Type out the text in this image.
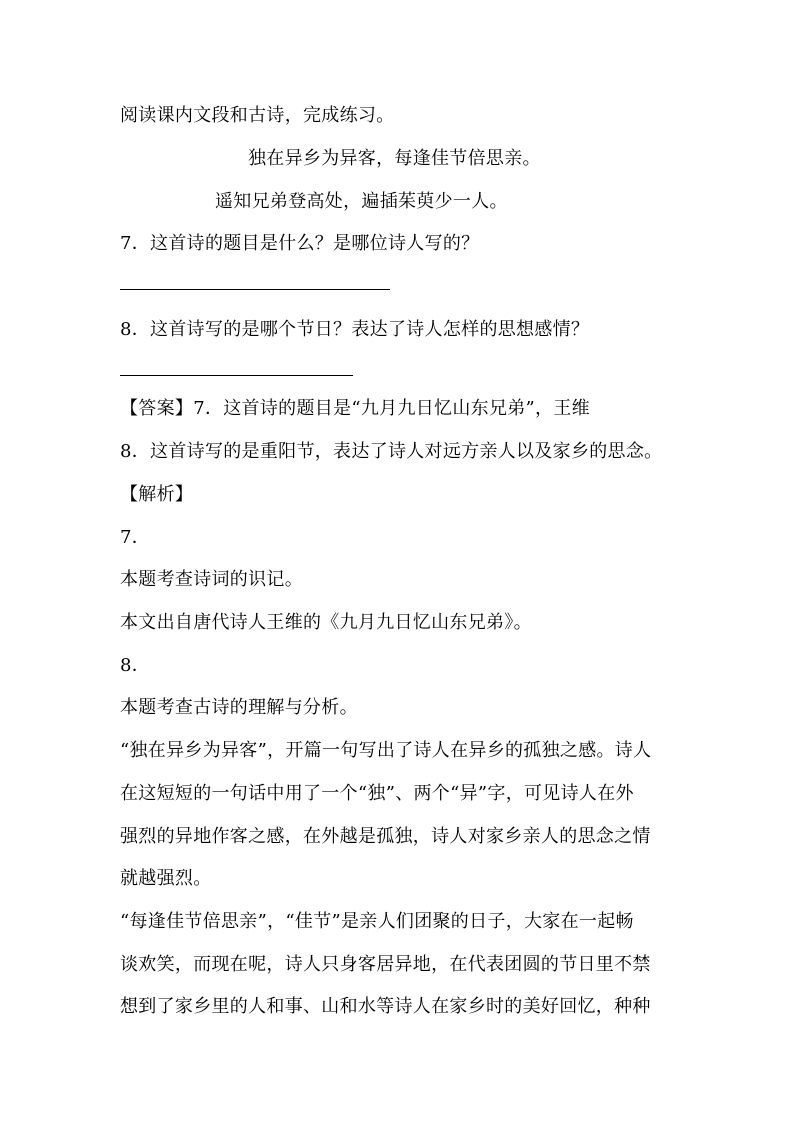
阅读课内文段和古诗，完成练习。
独在异乡为异客，每逢佳节倍思亲。
遥知兄弟登高处，遍插茱萸少一人。
7．这首诗的题目是什么？是哪位诗人写的？
8．这首诗写的是哪个节日？表达了诗人怎样的思想感情？
【答案】7．这首诗的题目是“九月九日忆山东兄弟”，王维
8．这首诗写的是重阳节，表达了诗人对远方亲人以及家乡的思念。
【解析】
7．
本题考查诗词的识记。
本文出自唐代诗人王维的《九月九日忆山东兄弟》。
8．
本题考查古诗的理解与分析。
“独在异乡为异客”，开篇一句写出了诗人在异乡的孤独之感。诗人
在这短短的一句话中用了一个“独”、两个“异”字，可见诗人在外
强烈的异地作客之感，在外越是孤独，诗人对家乡亲人的思念之情
就越强烈。
“每逢佳节倍思亲”，“佳节”是亲人们团聚的日子，大家在一起畅
谈欢笑，而现在呢，诗人只身客居异地，在代表团圆的节日里不禁
想到了家乡里的人和事、山和水等诗人在家乡时的美好回忆，种种
